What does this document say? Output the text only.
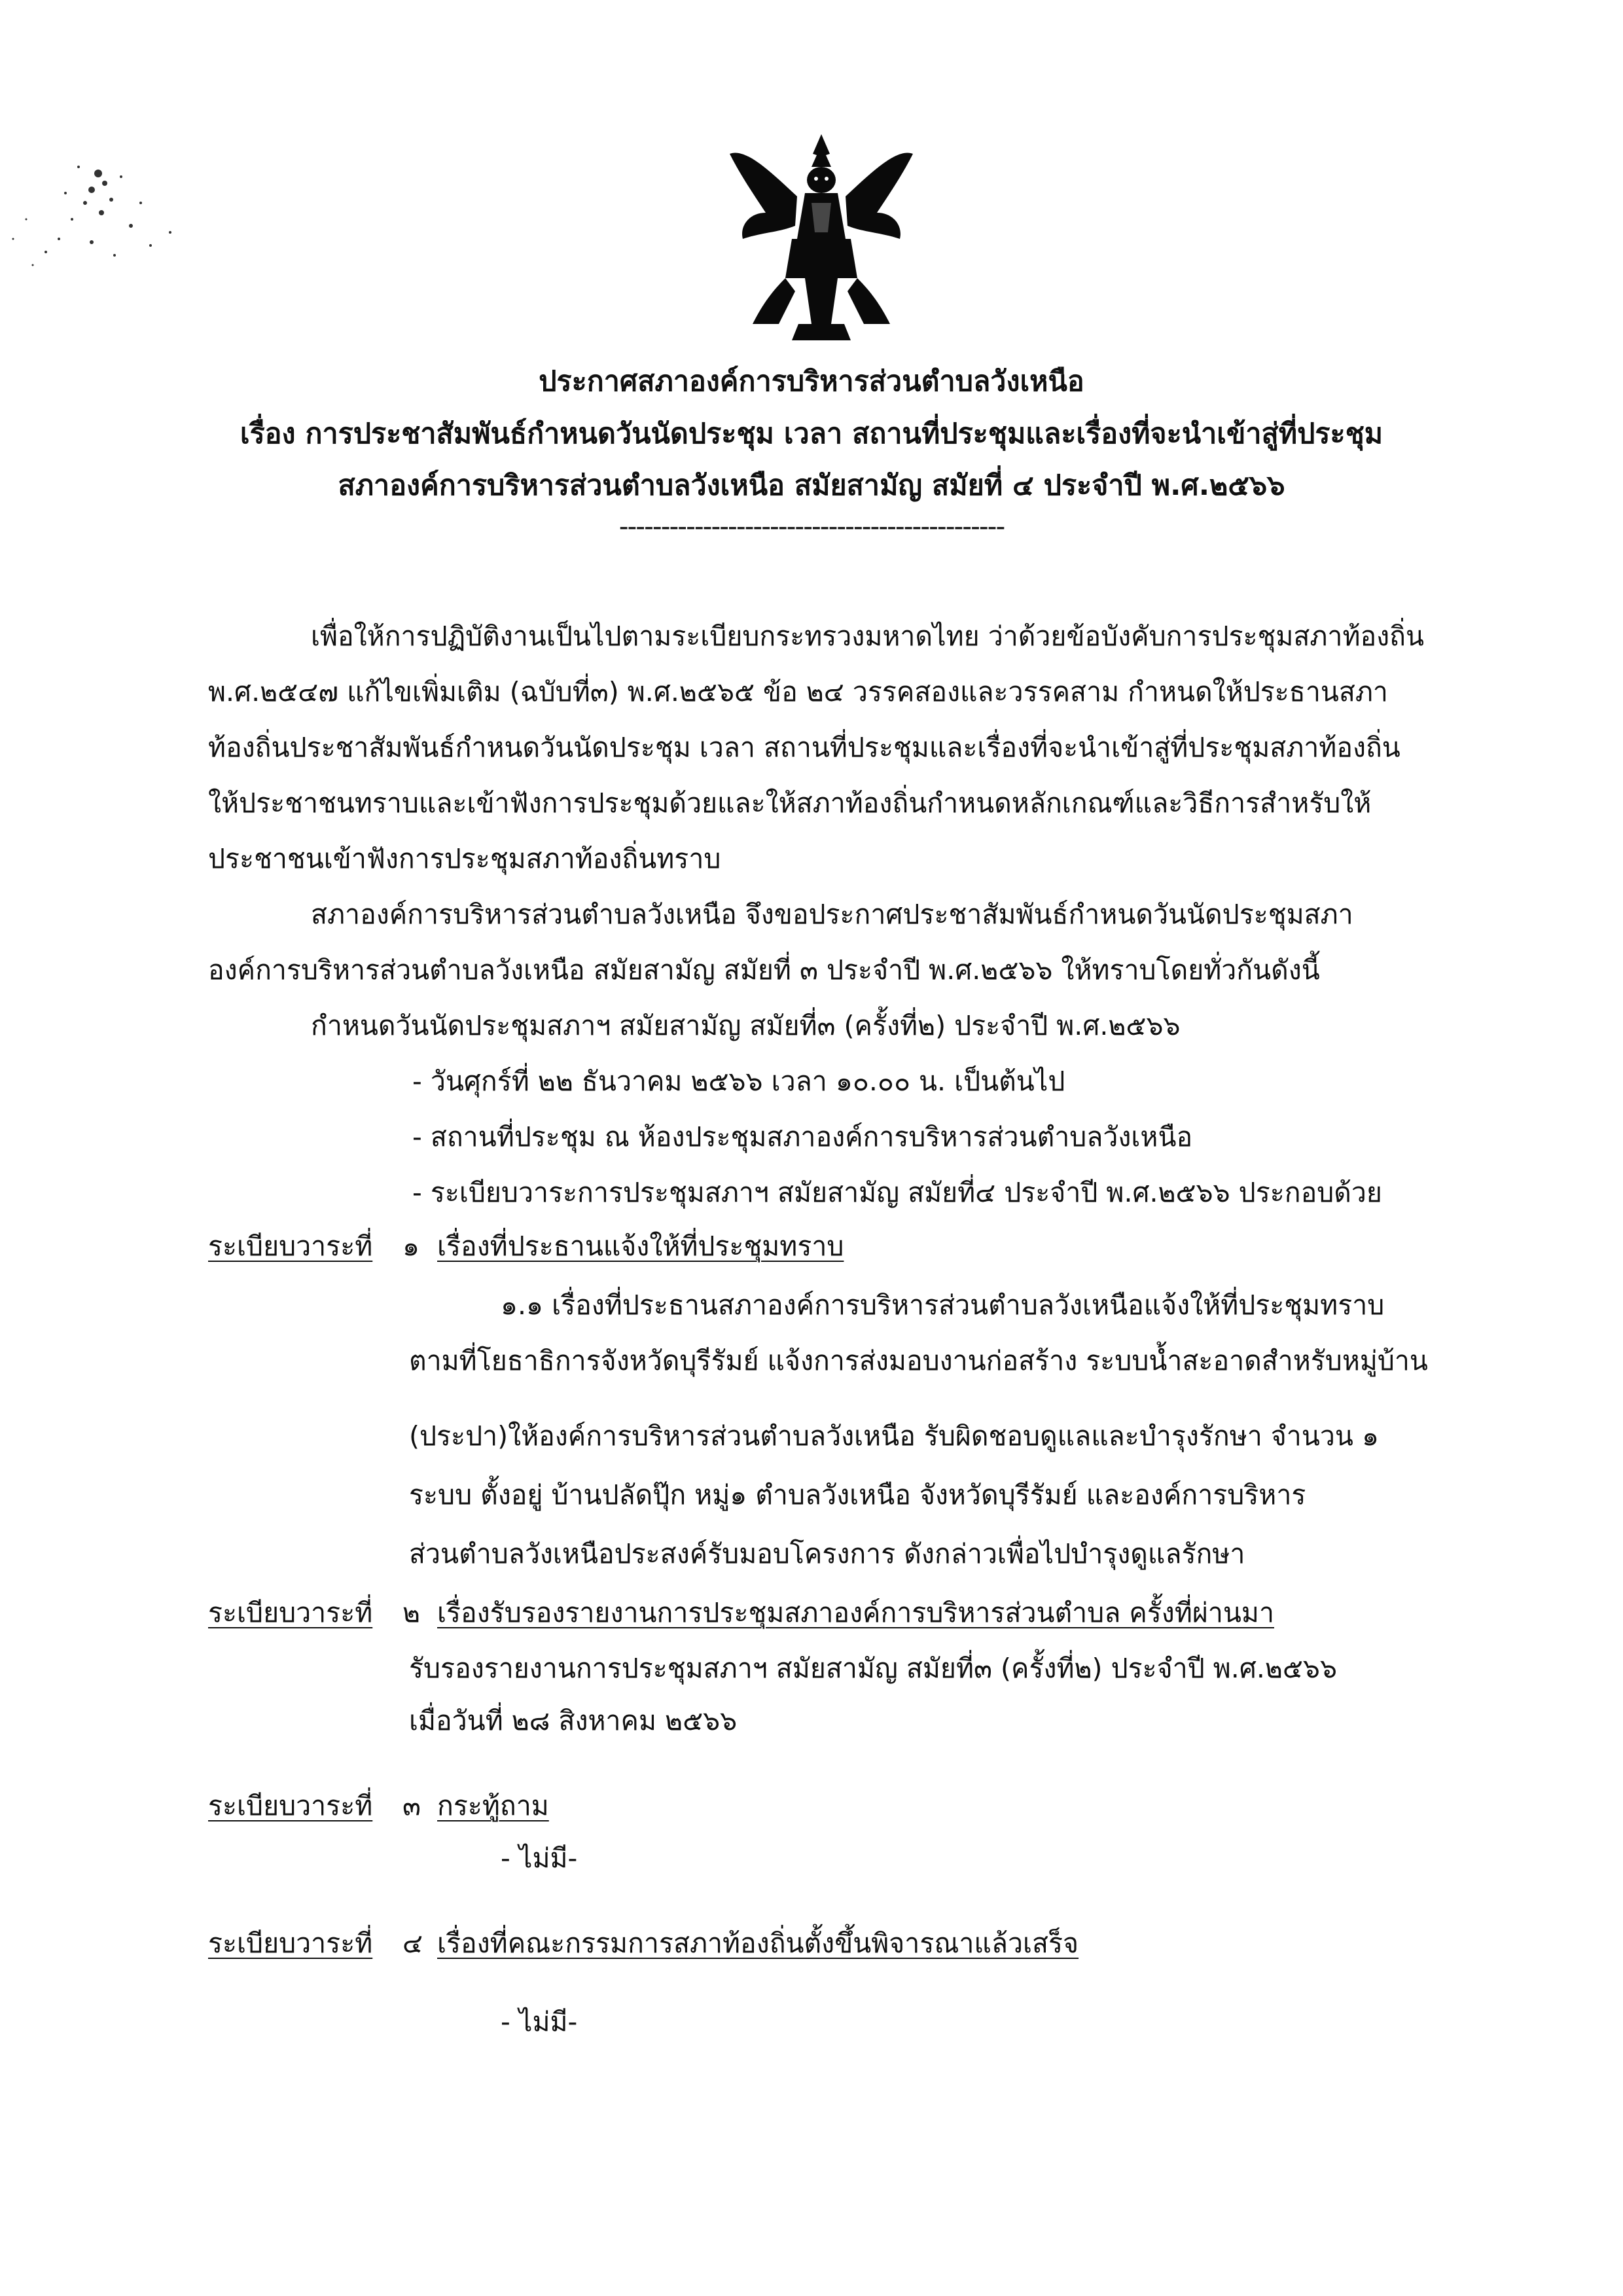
ประกาศสภาองค์การบริหารส่วนตำบลวังเหนือ
เรื่อง การประชาสัมพันธ์กำหนดวันนัดประชุม เวลา สถานที่ประชุมและเรื่องที่จะนำเข้าสู่ที่ประชุม
สภาองค์การบริหารส่วนตำบลวังเหนือ สมัยสามัญ สมัยที่ ๔ ประจำปี พ.ศ.๒๕๖๖
----------------------------------------------
เพื่อให้การปฏิบัติงานเป็นไปตามระเบียบกระทรวงมหาดไทย ว่าด้วยข้อบังคับการประชุมสภาท้องถิ่น
พ.ศ.๒๕๔๗ แก้ไขเพิ่มเติม (ฉบับที่๓) พ.ศ.๒๕๖๕ ข้อ ๒๔ วรรคสองและวรรคสาม กำหนดให้ประธานสภา
ท้องถิ่นประชาสัมพันธ์กำหนดวันนัดประชุม เวลา สถานที่ประชุมและเรื่องที่จะนำเข้าสู่ที่ประชุมสภาท้องถิ่น
ให้ประชาชนทราบและเข้าฟังการประชุมด้วยและให้สภาท้องถิ่นกำหนดหลักเกณฑ์และวิธีการสำหรับให้
ประชาชนเข้าฟังการประชุมสภาท้องถิ่นทราบ
สภาองค์การบริหารส่วนตำบลวังเหนือ จึงขอประกาศประชาสัมพันธ์กำหนดวันนัดประชุมสภา
องค์การบริหารส่วนตำบลวังเหนือ สมัยสามัญ สมัยที่ ๓ ประจำปี พ.ศ.๒๕๖๖ ให้ทราบโดยทั่วกันดังนี้
กำหนดวันนัดประชุมสภาฯ สมัยสามัญ สมัยที่๓ (ครั้งที่๒) ประจำปี พ.ศ.๒๕๖๖
- วันศุกร์ที่ ๒๒ ธันวาคม ๒๕๖๖ เวลา ๑๐.๐๐ น. เป็นต้นไป
- สถานที่ประชุม ณ ห้องประชุมสภาองค์การบริหารส่วนตำบลวังเหนือ
- ระเบียบวาระการประชุมสภาฯ สมัยสามัญ สมัยที่๔ ประจำปี พ.ศ.๒๕๖๖ ประกอบด้วย
ระเบียบวาระที่ ๑ เรื่องที่ประธานแจ้งให้ที่ประชุมทราบ
๑.๑ เรื่องที่ประธานสภาองค์การบริหารส่วนตำบลวังเหนือแจ้งให้ที่ประชุมทราบ
ตามที่โยธาธิการจังหวัดบุรีรัมย์ แจ้งการส่งมอบงานก่อสร้าง ระบบน้ำสะอาดสำหรับหมู่บ้าน
(ประปา)ให้องค์การบริหารส่วนตำบลวังเหนือ รับผิดชอบดูแลและบำรุงรักษา จำนวน ๑
ระบบ ตั้งอยู่ บ้านปลัดปุ๊ก หมู่๑ ตำบลวังเหนือ จังหวัดบุรีรัมย์ และองค์การบริหาร
ส่วนตำบลวังเหนือประสงค์รับมอบโครงการ ดังกล่าวเพื่อไปบำรุงดูแลรักษา
ระเบียบวาระที่ ๒ เรื่องรับรองรายงานการประชุมสภาองค์การบริหารส่วนตำบล ครั้งที่ผ่านมา
รับรองรายงานการประชุมสภาฯ สมัยสามัญ สมัยที่๓ (ครั้งที่๒) ประจำปี พ.ศ.๒๕๖๖
เมื่อวันที่ ๒๘ สิงหาคม ๒๕๖๖
ระเบียบวาระที่ ๓ กระทู้ถาม
- ไม่มี-
ระเบียบวาระที่ ๔ เรื่องที่คณะกรรมการสภาท้องถิ่นตั้งขึ้นพิจารณาแล้วเสร็จ
- ไม่มี-
